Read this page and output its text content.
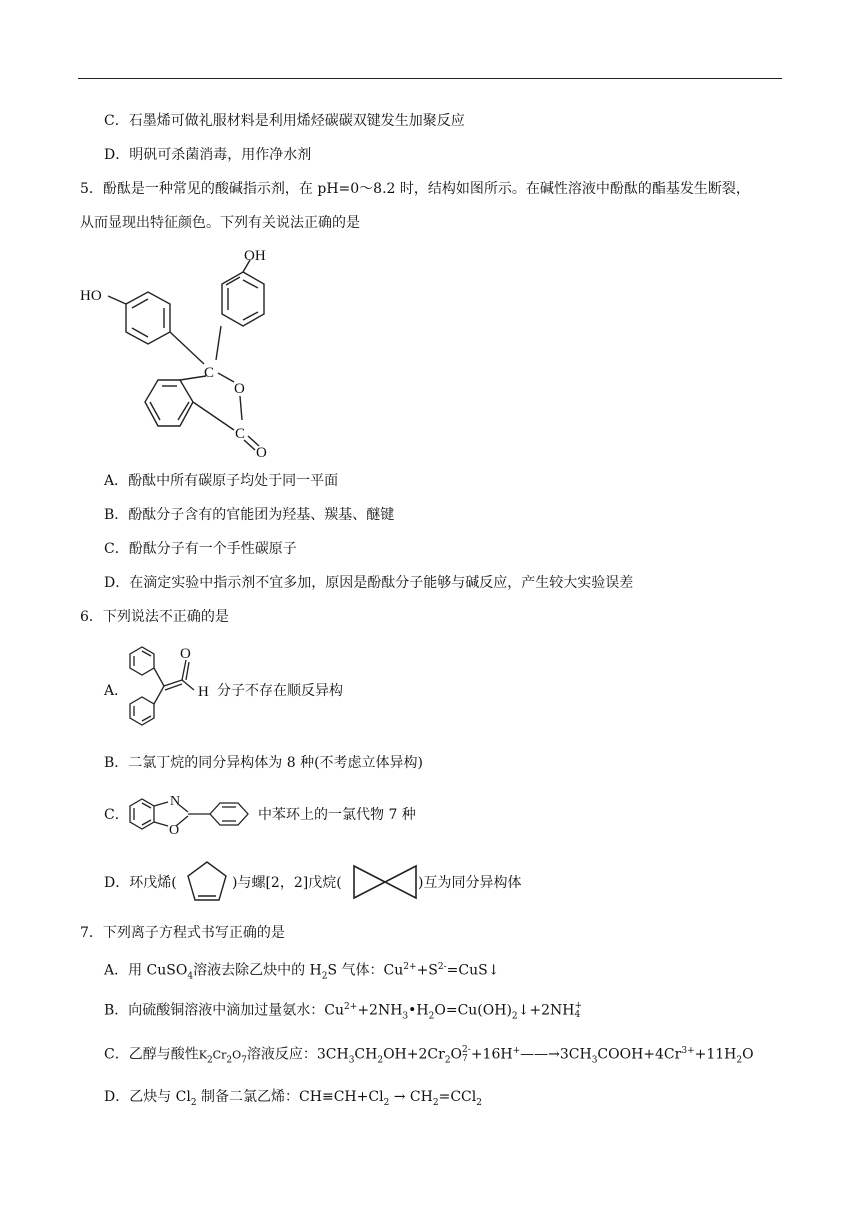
C．石墨烯可做礼服材料是利用烯烃碳碳双键发生加聚反应
D．明矾可杀菌消毒，用作净水剂
5．酚酞是一种常见的酸碱指示剂，在 pH=0～8.2 时，结构如图所示。在碱性溶液中酚酞的酯基发生断裂，
从而显现出特征颜色。下列有关说法正确的是
OH
HO
C
O
C
O
A．酚酞中所有碳原子均处于同一平面
B．酚酞分子含有的官能团为羟基、羰基、醚键
C．酚酞分子有一个手性碳原子
D．在滴定实验中指示剂不宜多加，原因是酚酞分子能够与碱反应，产生较大实验误差
6．下列说法不正确的是
A．
O
H 分子不存在顺反异构
B．二氯丁烷的同分异构体为 8 种(不考虑立体异构)
C．
N
O
中苯环上的一氯代物 7 种
D．环戊烯(	)与螺[2，2]戊烷(	)互为同分异构体
7．下列离子方程式书写正确的是
A．用 CuSO$_4$溶液去除乙炔中的 $H_2S$ 气体：$Cu^{2+}+S^{2-}=CuS↓$
B．向硫酸铜溶液中滴加过量氨水：$Cu^{2+}+2NH_3•H_2O=Cu(OH)_2↓+2NH$ +
4
C．乙醇与酸性$K_2Cr_2O_7$溶液反应：$3CH_3CH_2OH+2Cr_2O$ 2-
$7 +16H^+——\to 3CH_3COOH+4Cr^{3+}+11H_2O$
D．乙炔与 $Cl_2$ 制备二氯乙烯：$CH\equiv CH+Cl_2 \to CH_2=CCl_2$
